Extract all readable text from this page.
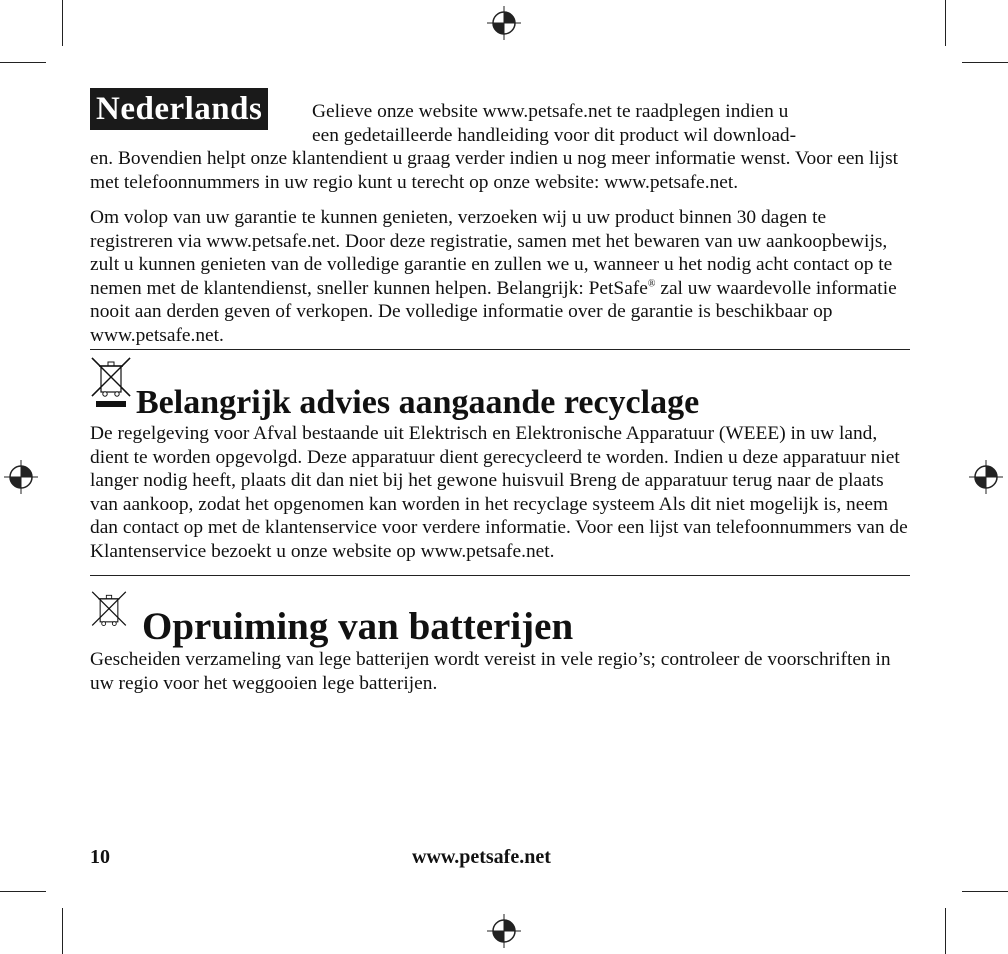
Nederlands	Gelieve onze website www.petsafe.net te raadplegen indien u
een gedetailleerde handleiding voor dit product wil download-
en. Bovendien helpt onze klantendient u graag verder indien u nog meer informatie wenst. Voor een lijst met telefoonnummers in uw regio kunt u terecht op onze website: www.petsafe.net.

Om volop van uw garantie te kunnen genieten, verzoeken wij u uw product binnen 30 dagen te registreren via www.petsafe.net. Door deze registratie, samen met het bewaren van uw aankoopbewijs, zult u kunnen genieten van de volledige garantie en zullen we u, wanneer u het nodig acht contact op te nemen met de klantendienst, sneller kunnen helpen. Belangrijk: PetSafe® zal uw waardevolle informatie nooit aan derden geven of verkopen. De volledige informatie over de garantie is beschikbaar op www.petsafe.net.

Belangrijk advies aangaande recyclage

De regelgeving voor Afval bestaande uit Elektrisch en Elektronische Apparatuur (WEEE) in uw land, dient te worden opgevolgd. Deze apparatuur dient gerecycleerd te worden. Indien u deze apparatuur niet langer nodig heeft, plaats dit dan niet bij het gewone huisvuil Breng de apparatuur terug naar de plaats van aankoop, zodat het opgenomen kan worden in het recyclage systeem Als dit niet mogelijk is, neem dan contact op met de klantenservice voor verdere informatie. Voor een lijst van telefoonnummers van de Klantenservice bezoekt u onze website op www.petsafe.net.

Opruiming van batterijen

Gescheiden verzameling van lege batterijen wordt vereist in vele regio’s; controleer de voorschriften in uw regio voor het weggooien lege batterijen.

10	www.petsafe.net
